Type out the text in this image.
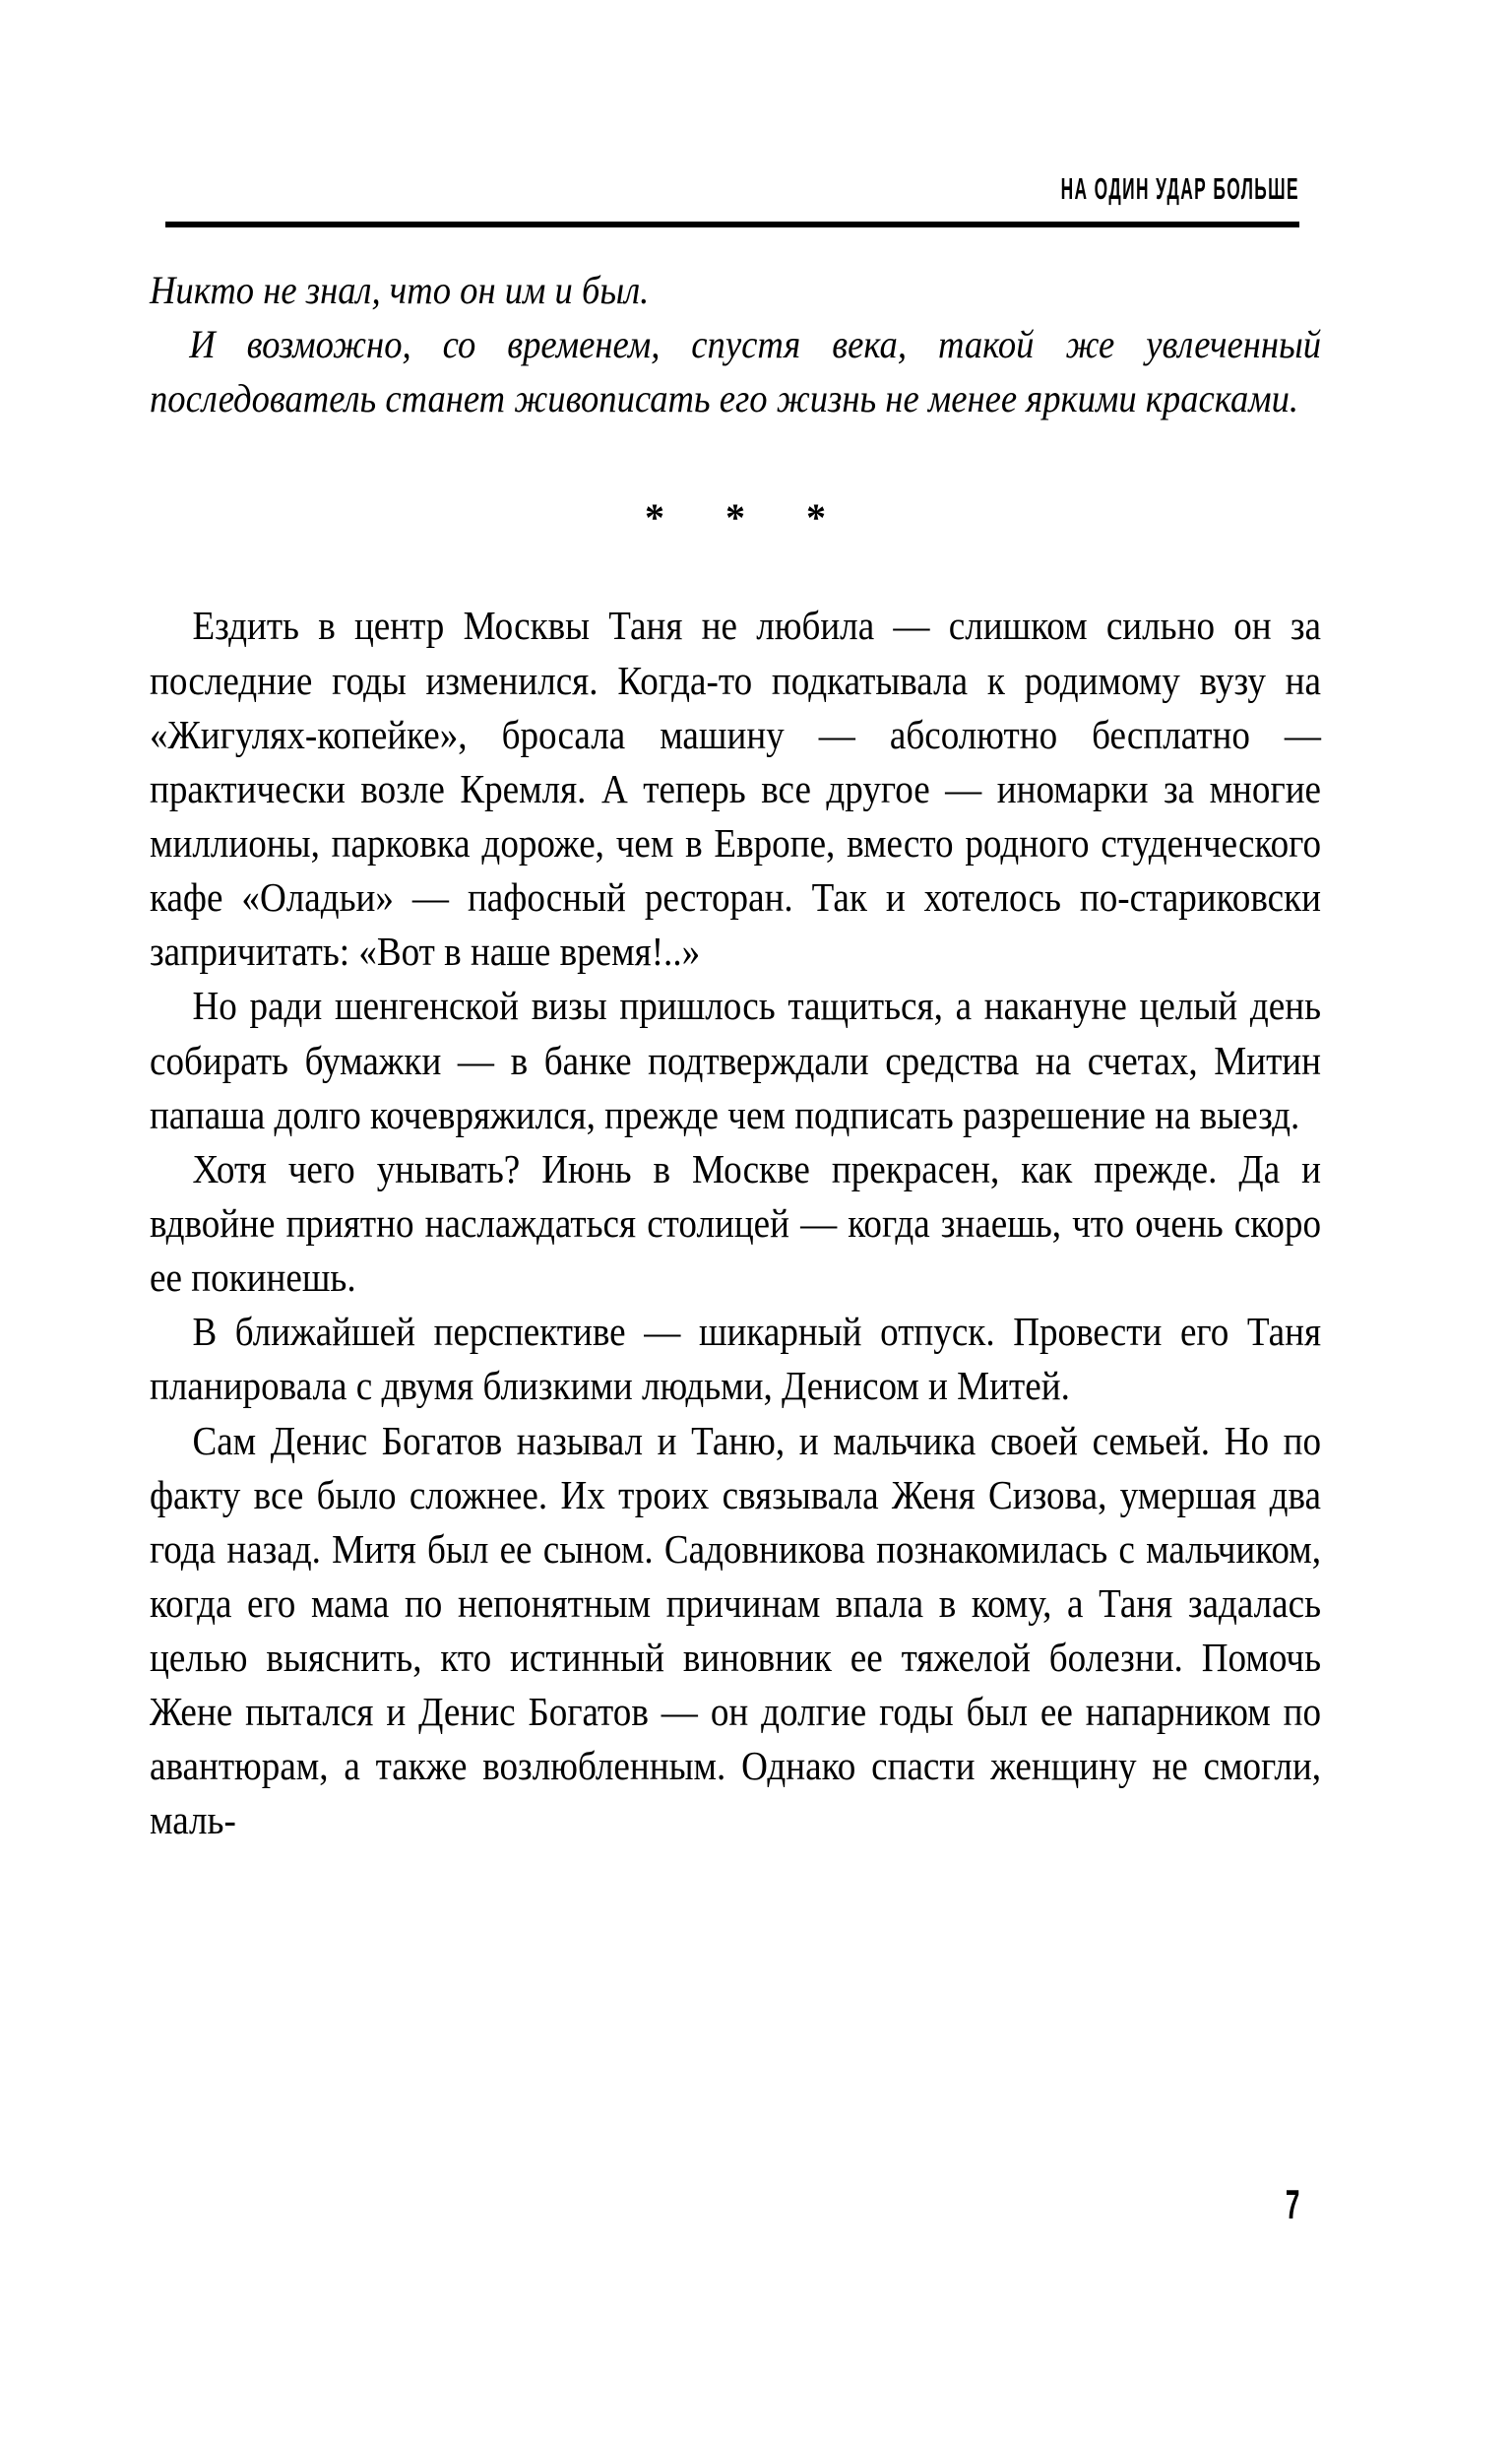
НА ОДИН УДАР БОЛЬШЕ

Никто не знал, что он им и был.

И возможно, со временем, спустя века, такой же увлеченный последователь станет живописать его жизнь не менее яркими красками.

* * *

Ездить в центр Москвы Таня не любила — слишком сильно он за последние годы изменился. Когда-то подкатывала к родимому вузу на «Жигулях-копейке», бросала машину — абсолютно бесплатно — практически возле Кремля. А теперь все другое — иномарки за многие миллионы, парковка дороже, чем в Европе, вместо родного студенческого кафе «Оладьи» — пафосный ресторан. Так и хотелось по-стариковски запричитать: «Вот в наше время!..»

Но ради шенгенской визы пришлось тащиться, а накануне целый день собирать бумажки — в банке подтверждали средства на счетах, Митин папаша долго кочевряжился, прежде чем подписать разрешение на выезд.

Хотя чего унывать? Июнь в Москве прекрасен, как прежде. Да и вдвойне приятно наслаждаться столицей — когда знаешь, что очень скоро ее покинешь.

В ближайшей перспективе — шикарный отпуск. Провести его Таня планировала с двумя близкими людьми, Денисом и Митей.

Сам Денис Богатов называл и Таню, и мальчика своей семьей. Но по факту все было сложнее. Их троих связывала Женя Сизова, умершая два года назад. Митя был ее сыном. Садовникова познакомилась с мальчиком, когда его мама по непонятным причинам впала в кому, а Таня задалась целью выяснить, кто истинный виновник ее тяжелой болезни. Помочь Жене пытался и Денис Богатов — он долгие годы был ее напарником по авантюрам, а также возлюбленным. Однако спасти женщину не смогли, маль-

7
